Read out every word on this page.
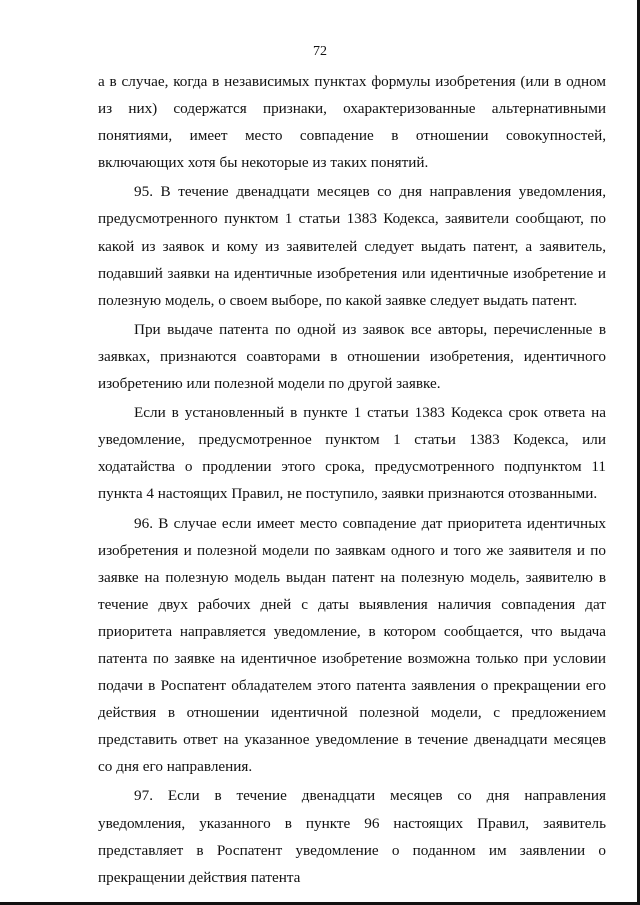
72

а в случае, когда в независимых пунктах формулы изобретения (или в одном из них) содержатся признаки, охарактеризованные альтернативными понятиями, имеет место совпадение в отношении совокупностей, включающих хотя бы некоторые из таких понятий.

95. В течение двенадцати месяцев со дня направления уведомления, предусмотренного пунктом 1 статьи 1383 Кодекса, заявители сообщают, по какой из заявок и кому из заявителей следует выдать патент, а заявитель, подавший заявки на идентичные изобретения или идентичные изобретение и полезную модель, о своем выборе, по какой заявке следует выдать патент.

При выдаче патента по одной из заявок все авторы, перечисленные в заявках, признаются соавторами в отношении изобретения, идентичного изобретению или полезной модели по другой заявке.

Если в установленный в пункте 1 статьи 1383 Кодекса срок ответа на уведомление, предусмотренное пунктом 1 статьи 1383 Кодекса, или ходатайства о продлении этого срока, предусмотренного подпунктом 11 пункта 4 настоящих Правил, не поступило, заявки признаются отозванными.

96. В случае если имеет место совпадение дат приоритета идентичных изобретения и полезной модели по заявкам одного и того же заявителя и по заявке на полезную модель выдан патент на полезную модель, заявителю в течение двух рабочих дней с даты выявления наличия совпадения дат приоритета направляется уведомление, в котором сообщается, что выдача патента по заявке на идентичное изобретение возможна только при условии подачи в Роспатент обладателем этого патента заявления о прекращении его действия в отношении идентичной полезной модели, с предложением представить ответ на указанное уведомление в течение двенадцати месяцев со дня его направления.

97. Если в течение двенадцати месяцев со дня направления уведомления, указанного в пункте 96 настоящих Правил, заявитель представляет в Роспатент уведомление о поданном им заявлении о прекращении действия патента
